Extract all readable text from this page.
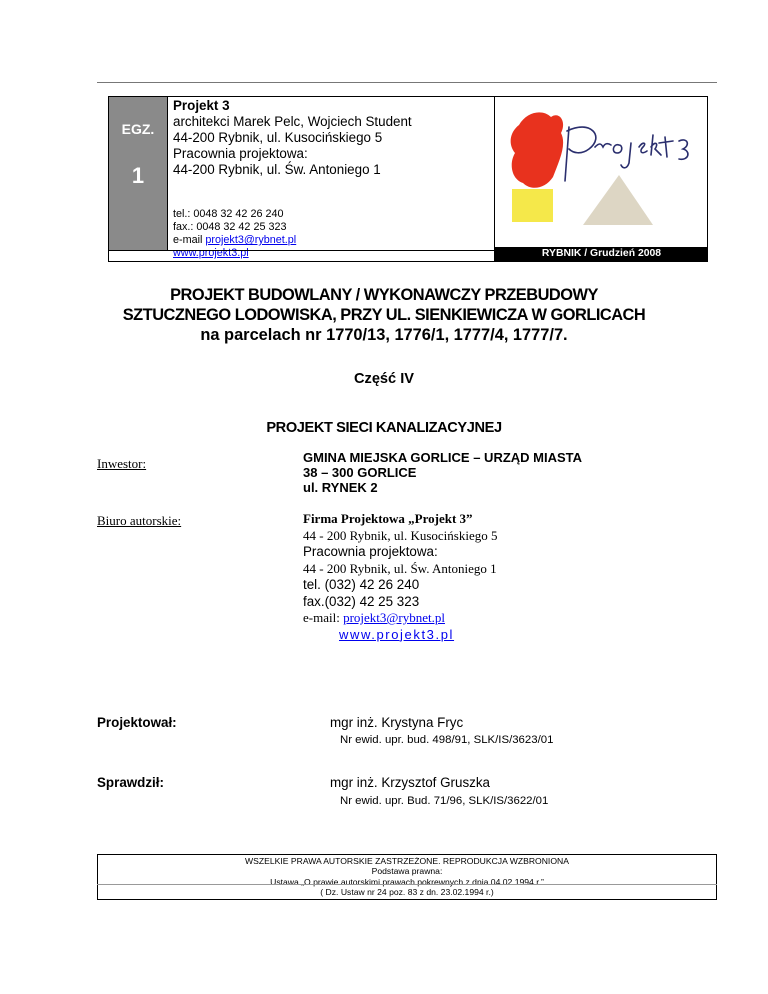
EGZ.
1
Projekt 3
architekci Marek Pelc, Wojciech Student
44-200 Rybnik, ul. Kusocińskiego 5
Pracownia projektowa:
44-200 Rybnik, ul. Św. Antoniego 1
tel.: 0048 32 42 26 240
fax.: 0048 32 42 25 323
e-mail projekt3@rybnet.pl
www.projekt3.pl	RYBNIK / Grudzień 2008
PROJEKT BUDOWLANY / WYKONAWCZY PRZEBUDOWY
SZTUCZNEGO LODOWISKA, PRZY UL. SIENKIEWICZA W GORLICACH
na parcelach nr 1770/13, 1776/1, 1777/4, 1777/7.
Część IV
PROJEKT SIECI KANALIZACYJNEJ
Inwestor:	GMINA MIEJSKA GORLICE – URZĄD MIASTA
38 – 300 GORLICE
ul. RYNEK 2
Biuro autorskie:	Firma Projektowa „Projekt 3”
44 - 200 Rybnik, ul. Kusocińskiego 5
Pracownia projektowa:
44 - 200 Rybnik, ul. Św. Antoniego 1
tel. (032) 42 26 240
fax.(032) 42 25 323
e-mail: projekt3@rybnet.pl
www.projekt3.pl
Projektował:	mgr inż. Krystyna Fryc
Nr ewid. upr. bud. 498/91, SLK/IS/3623/01
Sprawdził:	mgr inż. Krzysztof Gruszka
Nr ewid. upr. Bud. 71/96, SLK/IS/3622/01
WSZELKIE PRAWA AUTORSKIE ZASTRZEŻONE. REPRODUKCJA WZBRONIONA
Podstawa prawna:
Ustawa „O prawie autorskimi prawach pokrewnych z dnia 04.02.1994 r.”
( Dz. Ustaw nr 24 poz. 83 z dn. 23.02.1994 r.)
